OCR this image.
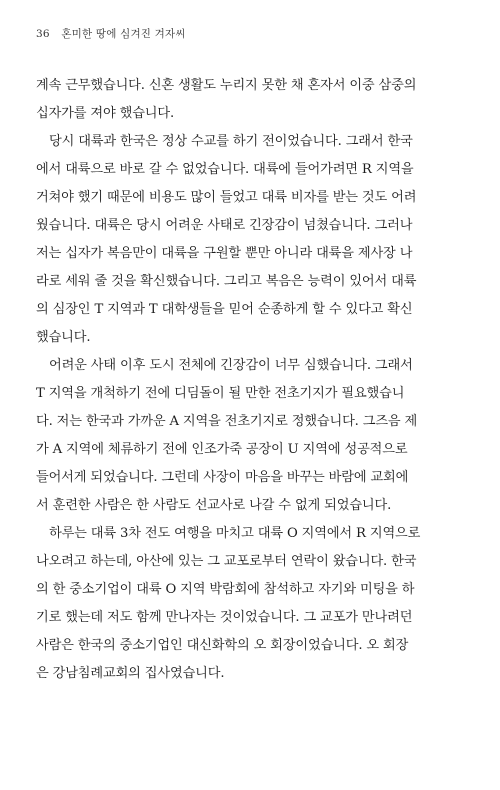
36 혼미한 땅에 심겨진 겨자씨
계속 근무했습니다. 신혼 생활도 누리지 못한 채 혼자서 이중 삼중의
십자가를 져야 했습니다.
당시 대륙과 한국은 정상 수교를 하기 전이었습니다. 그래서 한국
에서 대륙으로 바로 갈 수 없었습니다. 대륙에 들어가려면 R 지역을
거쳐야 했기 때문에 비용도 많이 들었고 대륙 비자를 받는 것도 어려
웠습니다. 대륙은 당시 어려운 사태로 긴장감이 넘쳤습니다. 그러나
저는 십자가 복음만이 대륙을 구원할 뿐만 아니라 대륙을 제사장 나
라로 세워 줄 것을 확신했습니다. 그리고 복음은 능력이 있어서 대륙
의 심장인 T 지역과 T 대학생들을 믿어 순종하게 할 수 있다고 확신
했습니다.
어려운 사태 이후 도시 전체에 긴장감이 너무 심했습니다. 그래서
T 지역을 개척하기 전에 디딤돌이 될 만한 전초기지가 필요했습니
다. 저는 한국과 가까운 A 지역을 전초기지로 정했습니다. 그즈음 제
가 A 지역에 체류하기 전에 인조가죽 공장이 U 지역에 성공적으로
들어서게 되었습니다. 그런데 사장이 마음을 바꾸는 바람에 교회에
서 훈련한 사람은 한 사람도 선교사로 나갈 수 없게 되었습니다.
하루는 대륙 3차 전도 여행을 마치고 대륙 O 지역에서 R 지역으로
나오려고 하는데, 아산에 있는 그 교포로부터 연락이 왔습니다. 한국
의 한 중소기업이 대륙 O 지역 박람회에 참석하고 자기와 미팅을 하
기로 했는데 저도 함께 만나자는 것이었습니다. 그 교포가 만나려던
사람은 한국의 중소기업인 대신화학의 오 회장이었습니다. 오 회장
은 강남침례교회의 집사였습니다.
